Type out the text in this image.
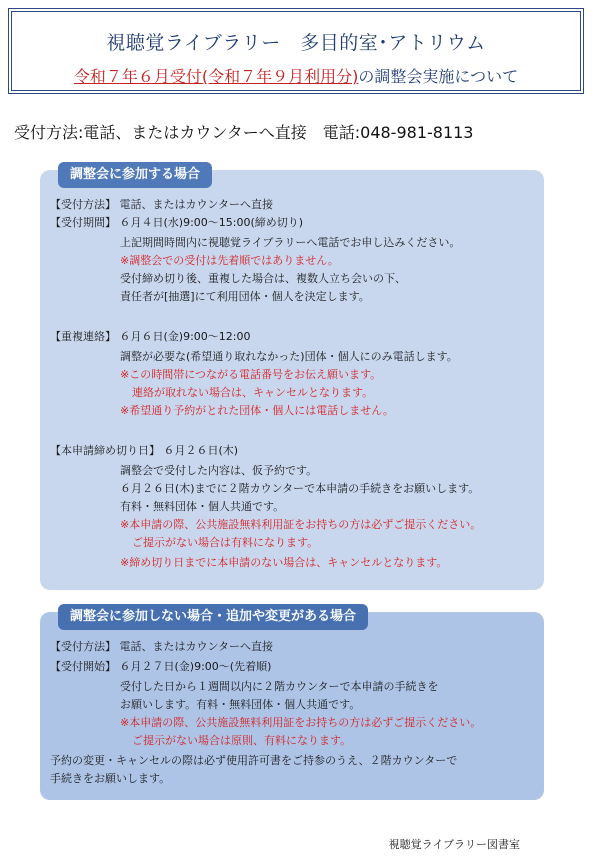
視聴覚ライブラリー　多目的室･アトリウム
令和７年６月受付(令和７年９月利用分)の調整会実施について
受付方法:電話、またはカウンターへ直接　電話:048-981-8113
調整会に参加する場合
【受付方法】 電話、またはカウンターへ直接
【受付期間】 ６月４日(水)9:00～15:00(締め切り)
上記期間時間内に視聴覚ライブラリーへ電話でお申し込みください。
※調整会での受付は先着順ではありません。
受付締め切り後、重複した場合は、複数人立ち会いの下、
責任者が[抽選]にて利用団体・個人を決定します。
【重複連絡】 ６月６日(金)9:00～12:00
調整が必要な(希望通り取れなかった)団体・個人にのみ電話します。
※この時間帯につながる電話番号をお伝え願います。
連絡が取れない場合は、キャンセルとなります。
※希望通り予約がとれた団体・個人には電話しません。
【本申請締め切り日】 ６月２６日(木)
調整会で受付した内容は、仮予約です。
６月２６日(木)までに２階カウンターで本申請の手続きをお願いします。
有料・無料団体・個人共通です。
※本申請の際、公共施設無料利用証をお持ちの方は必ずご提示ください。
ご提示がない場合は有料になります。
※締め切り日までに本申請のない場合は、キャンセルとなります。
調整会に参加しない場合・追加や変更がある場合
【受付方法】 電話、またはカウンターへ直接
【受付開始】 ６月２７日(金)9:00～(先着順)
受付した日から１週間以内に２階カウンターで本申請の手続きを
お願いします。有料・無料団体・個人共通です。
※本申請の際、公共施設無料利用証をお持ちの方は必ずご提示ください。
ご提示がない場合は原則、有料になります。
予約の変更・キャンセルの際は必ず使用許可書をご持参のうえ、２階カウンターで
手続きをお願いします。
視聴覚ライブラリー図書室
